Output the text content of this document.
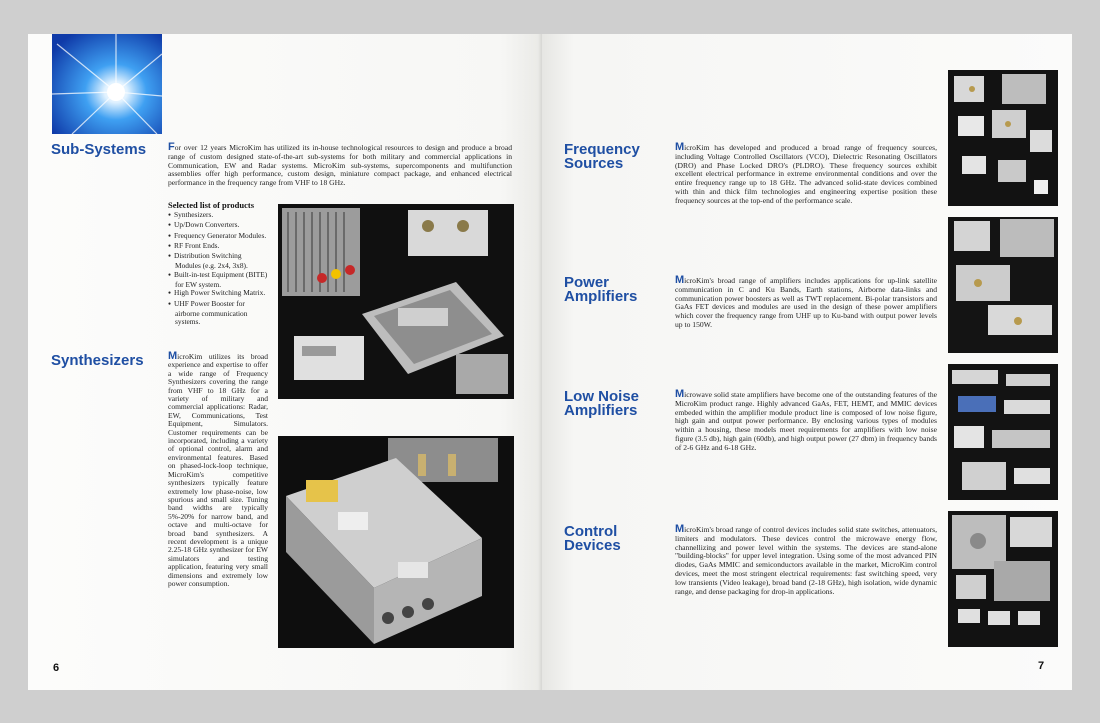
Sub-Systems	For over 12 years MicroKim has utilized its in-house technological resources to design and produce a broad range of custom designed state-of-the-art sub-systems for both military and commercial applications in Communication, EW and Radar systems. MicroKim sub-systems, supercomponents and multifunction assemblies offer high performance, custom design, miniature compact package, and enhanced electrical performance in the frequency range from VHF to 18 GHz.

Selected list of products
● Synthesizers.
● Up/Down Converters.
● Frequency Generator Modules.
● RF Front Ends.
● Distribution Switching Modules (e.g. 2x4, 3x8).
● Built-in-test Equipment (BITE) for EW system.
● High Power Switching Matrix.
● UHF Power Booster for airborne communication systems.
Synthesizers	MicroKim utilizes its broad experience and expertise to offer a wide range of Frequency Synthesizers covering the range from VHF to 18 GHz for a variety of military and commercial applications: Radar, EW, Communications, Test Equipment, Simulators. Customer requirements can be incorporated, including a variety of optional control, alarm and environmental features. Based on phased-lock-loop technique, MicroKim's competitive synthesizers typically feature extremely low phase-noise, low spurious and small size. Tuning band widths are typically 5%-20% for narrow band, and octave and multi-octave for broad band synthesizers. A recent development is a unique 2.25-18 GHz synthesizer for EW simulators and testing application, featuring very small dimensions and extremely low power consumption.

6
Frequency
Sources

MicroKim has developed and produced a broad range of frequency sources, including Voltage Controlled Oscillators (VCO), Dielectric Resonating Oscillators (DRO) and Phase Locked DRO's (PLDRO). These frequency sources exhibit excellent electrical performance in extreme environmental conditions and over the entire frequency range up to 18 GHz. The advanced solid-state devices combined with thin and thick film technologies and engineering expertise position these frequency sources at the top-end of the performance scale.

Power
Amplifiers

MicroKim's broad range of amplifiers includes applications for up-link satellite communication in C and Ku Bands, Earth stations, Airborne data-links and communication power boosters as well as TWT replacement. Bi-polar transistors and GaAs FET devices and modules are used in the design of these power amplifiers which cover the frequency range from UHF up to Ku-band with output power levels up to 150W.

Low Noise
Amplifiers

Microwave solid state amplifiers have become one of the outstanding features of the MicroKim product range. Highly advanced GaAs, FET, HEMT, and MMIC devices embeded within the amplifier module product line is composed of low noise figure, high gain and output power performance. By enclosing various types of modules within a housing, these models meet requirements for amplifiers with low noise figure (3.5 db), high gain (60db), and high output power (27 dbm) in frequency bands of 2-6 GHz and 6-18 GHz.

Control
Devices

MicroKim's broad range of control devices includes solid state switches, attenuators, limiters and modulators. These devices control the microwave energy flow, channellizing and power level within the systems. The devices are stand-alone "building-blocks" for upper level integration. Using some of the most advanced PIN diodes, GaAs MMIC and semiconductors available in the market, MicroKim control devices, meet the most stringent electrical requirements: fast switching speed, very low transients (Video leakage), broad band (2-18 GHz), high isolation, wide dynamic range, and dense packaging for drop-in applications.

7
